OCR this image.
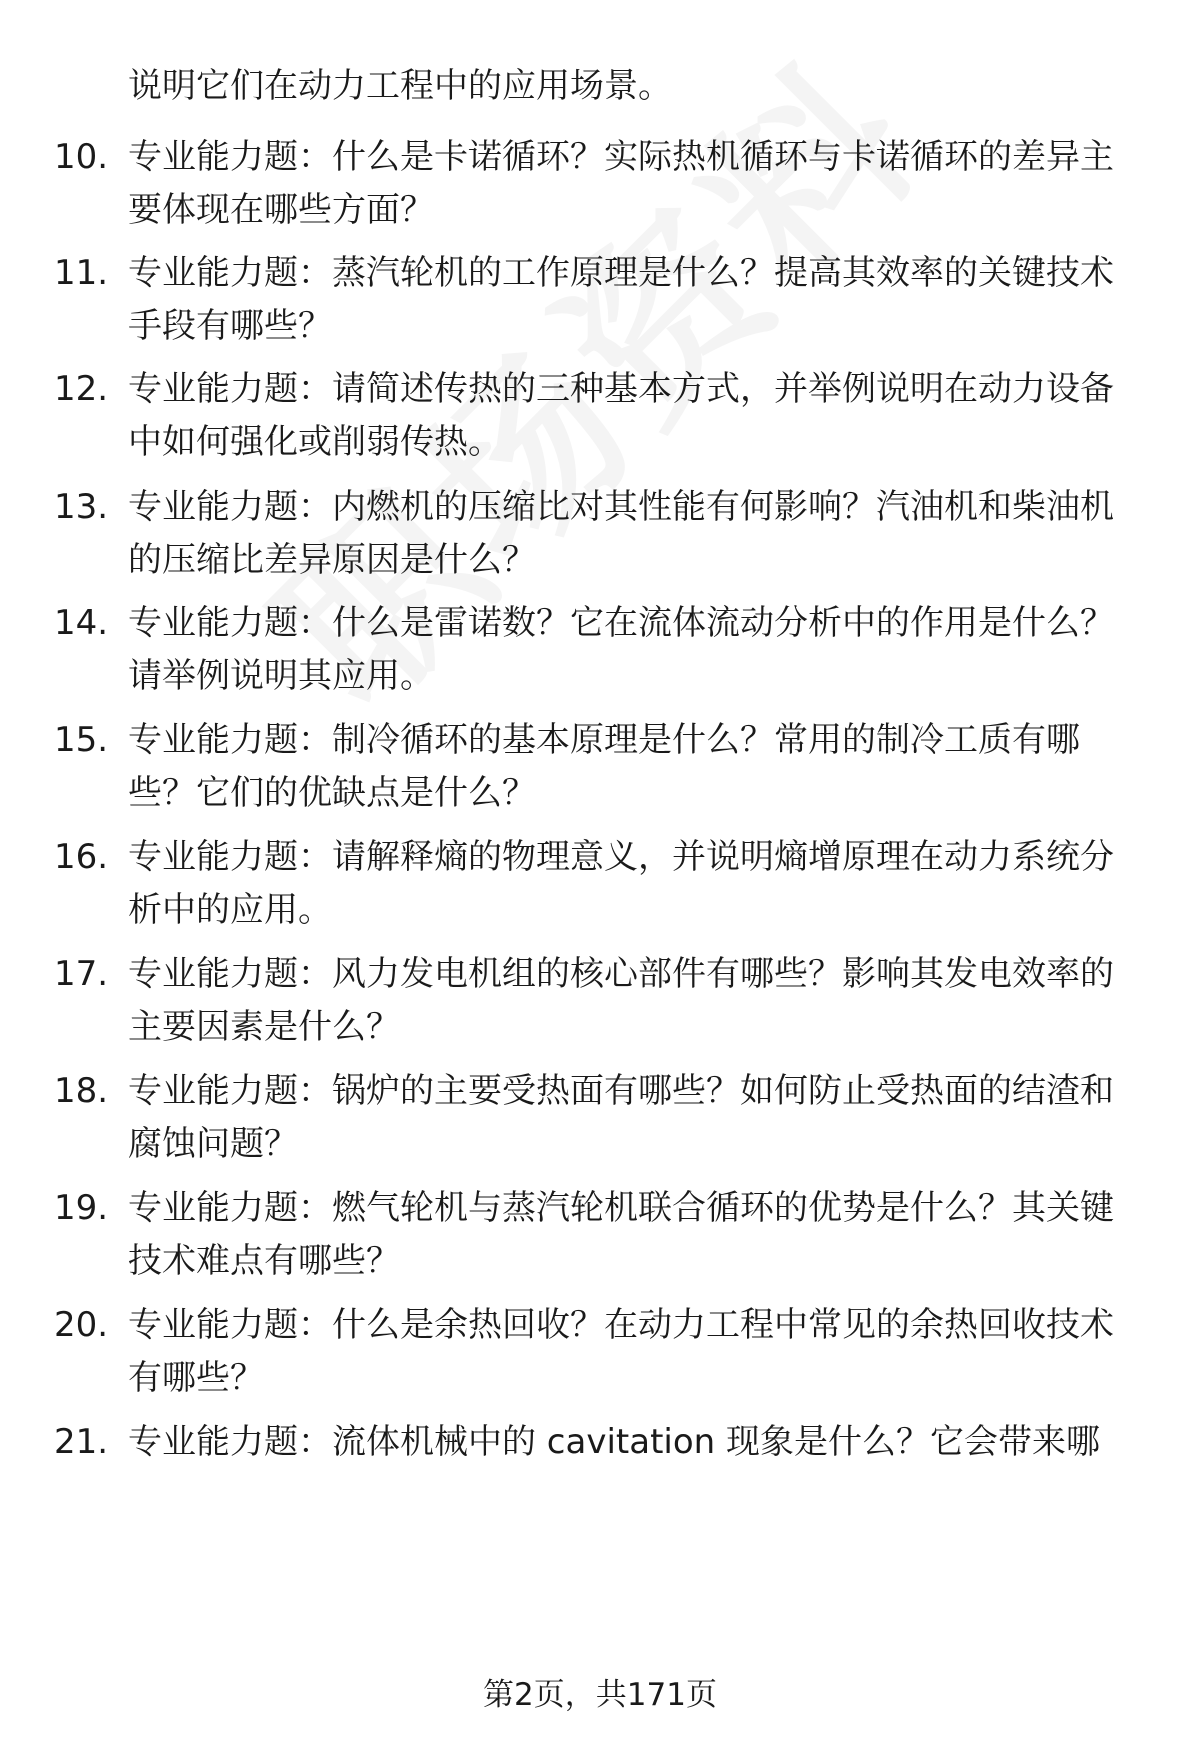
说明它们在动力工程中的应用场景。
10. 专业能力题：什么是卡诺循环？实际热机循环与卡诺循环的差异主要体现在哪些方面？
11. 专业能力题：蒸汽轮机的工作原理是什么？提高其效率的关键技术手段有哪些？
12. 专业能力题：请简述传热的三种基本方式，并举例说明在动力设备中如何强化或削弱传热。
13. 专业能力题：内燃机的压缩比对其性能有何影响？汽油机和柴油机的压缩比差异原因是什么？
14. 专业能力题：什么是雷诺数？它在流体流动分析中的作用是什么？请举例说明其应用。
15. 专业能力题：制冷循环的基本原理是什么？常用的制冷工质有哪些？它们的优缺点是什么？
16. 专业能力题：请解释熵的物理意义，并说明熵增原理在动力系统分析中的应用。
17. 专业能力题：风力发电机组的核心部件有哪些？影响其发电效率的主要因素是什么？
18. 专业能力题：锅炉的主要受热面有哪些？如何防止受热面的结渣和腐蚀问题？
19. 专业能力题：燃气轮机与蒸汽轮机联合循环的优势是什么？其关键技术难点有哪些？
20. 专业能力题：什么是余热回收？在动力工程中常见的余热回收技术有哪些？
21. 专业能力题：流体机械中的 cavitation 现象是什么？它会带来哪
第2页，共171页
